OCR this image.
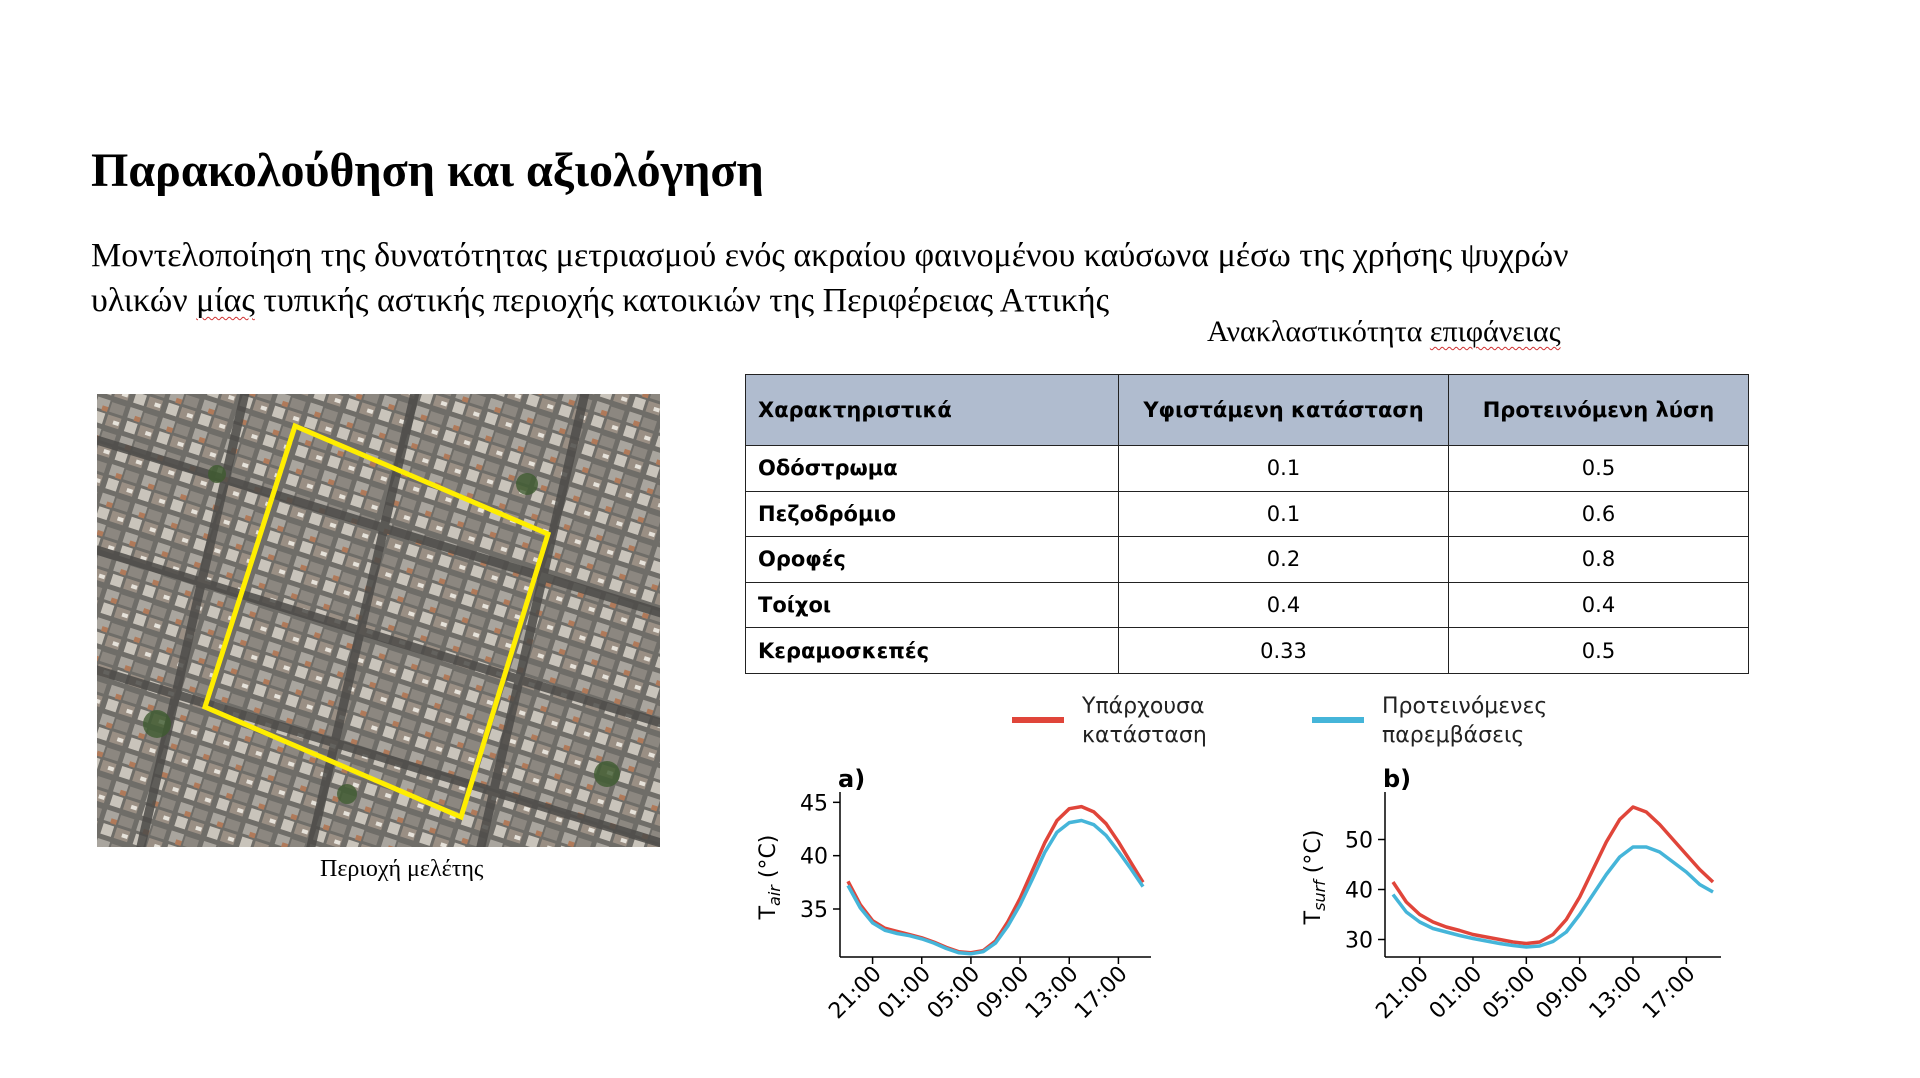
Παρακολούθηση και αξιολόγηση
Μοντελοποίηση της δυνατότητας μετριασμού ενός ακραίου φαινομένου καύσωνα μέσω της χρήσης ψυχρών
υλικών μίας τυπικής αστικής περιοχής κατοικιών της Περιφέρειας Αττικής
Ανακλαστικότητα επιφάνειας
Περιοχή μελέτης
Χαρακτηριστικά	Υφιστάμενη κατάσταση	Προτεινόμενη λύση
Οδόστρωμα	0.1	0.5
Πεζοδρόμιο	0.1	0.6
Οροφές	0.2	0.8
Τοίχοι	0.4	0.4
Κεραμοσκεπές	0.33	0.5
Υπάρχουσα
κατάσταση
Προτεινόμενες
παρεμβάσεις
a)
35
40
45
$T_{air}$ (°C)
21:00
01:00
05:00
09:00
13:00
17:00
b)
30
40
50
$T_{surf}$ (°C)
21:00
01:00
05:00
09:00
13:00
17:00
